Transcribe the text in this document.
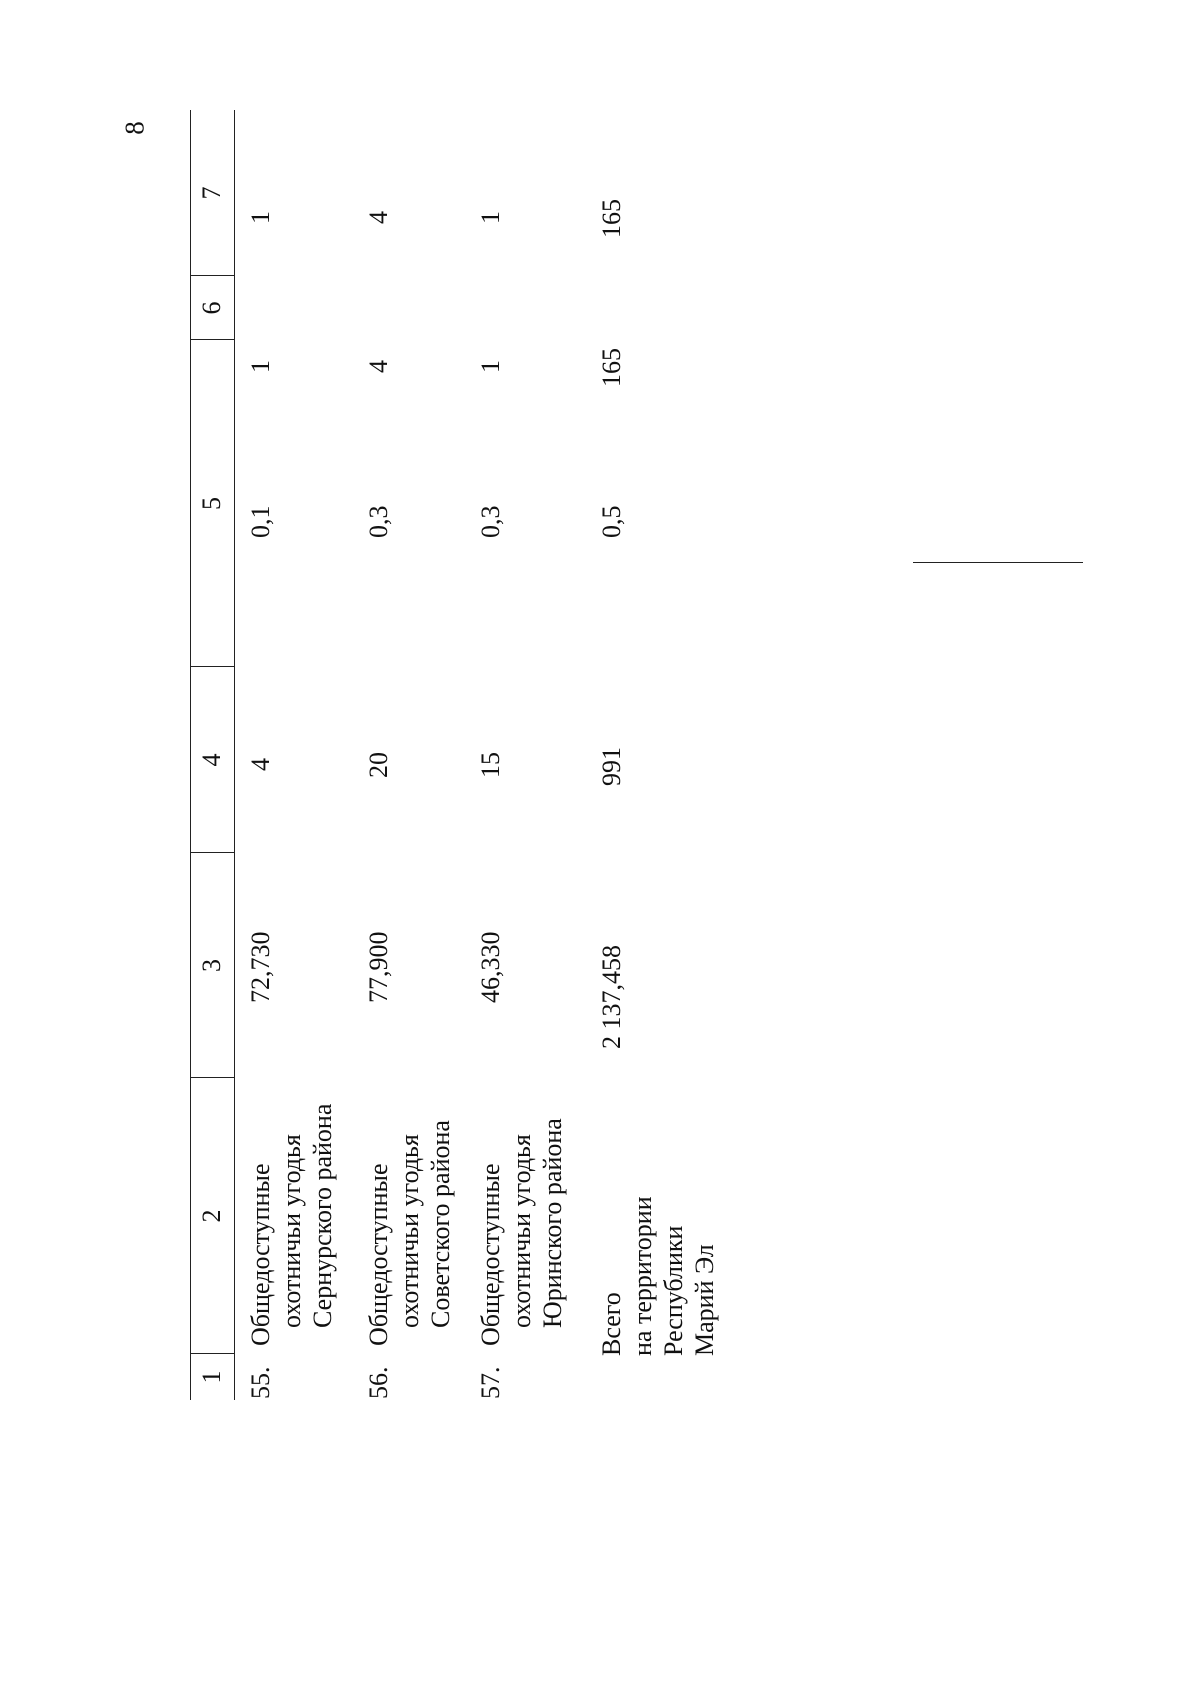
8
1
2
3
4
5
6
7
55.
Общедоступные охотничьи угодья Сернурского района
72,730
4
0,1
1
1
56.
Общедоступные охотничьи угодья Советского района
77,900
20
0,3
4
4
57.
Общедоступные охотничьи угодья Юринского района
46,330
15
0,3
1
1
Всего на территории Республики Марий Эл
2 137,458
991
0,5
165
165
